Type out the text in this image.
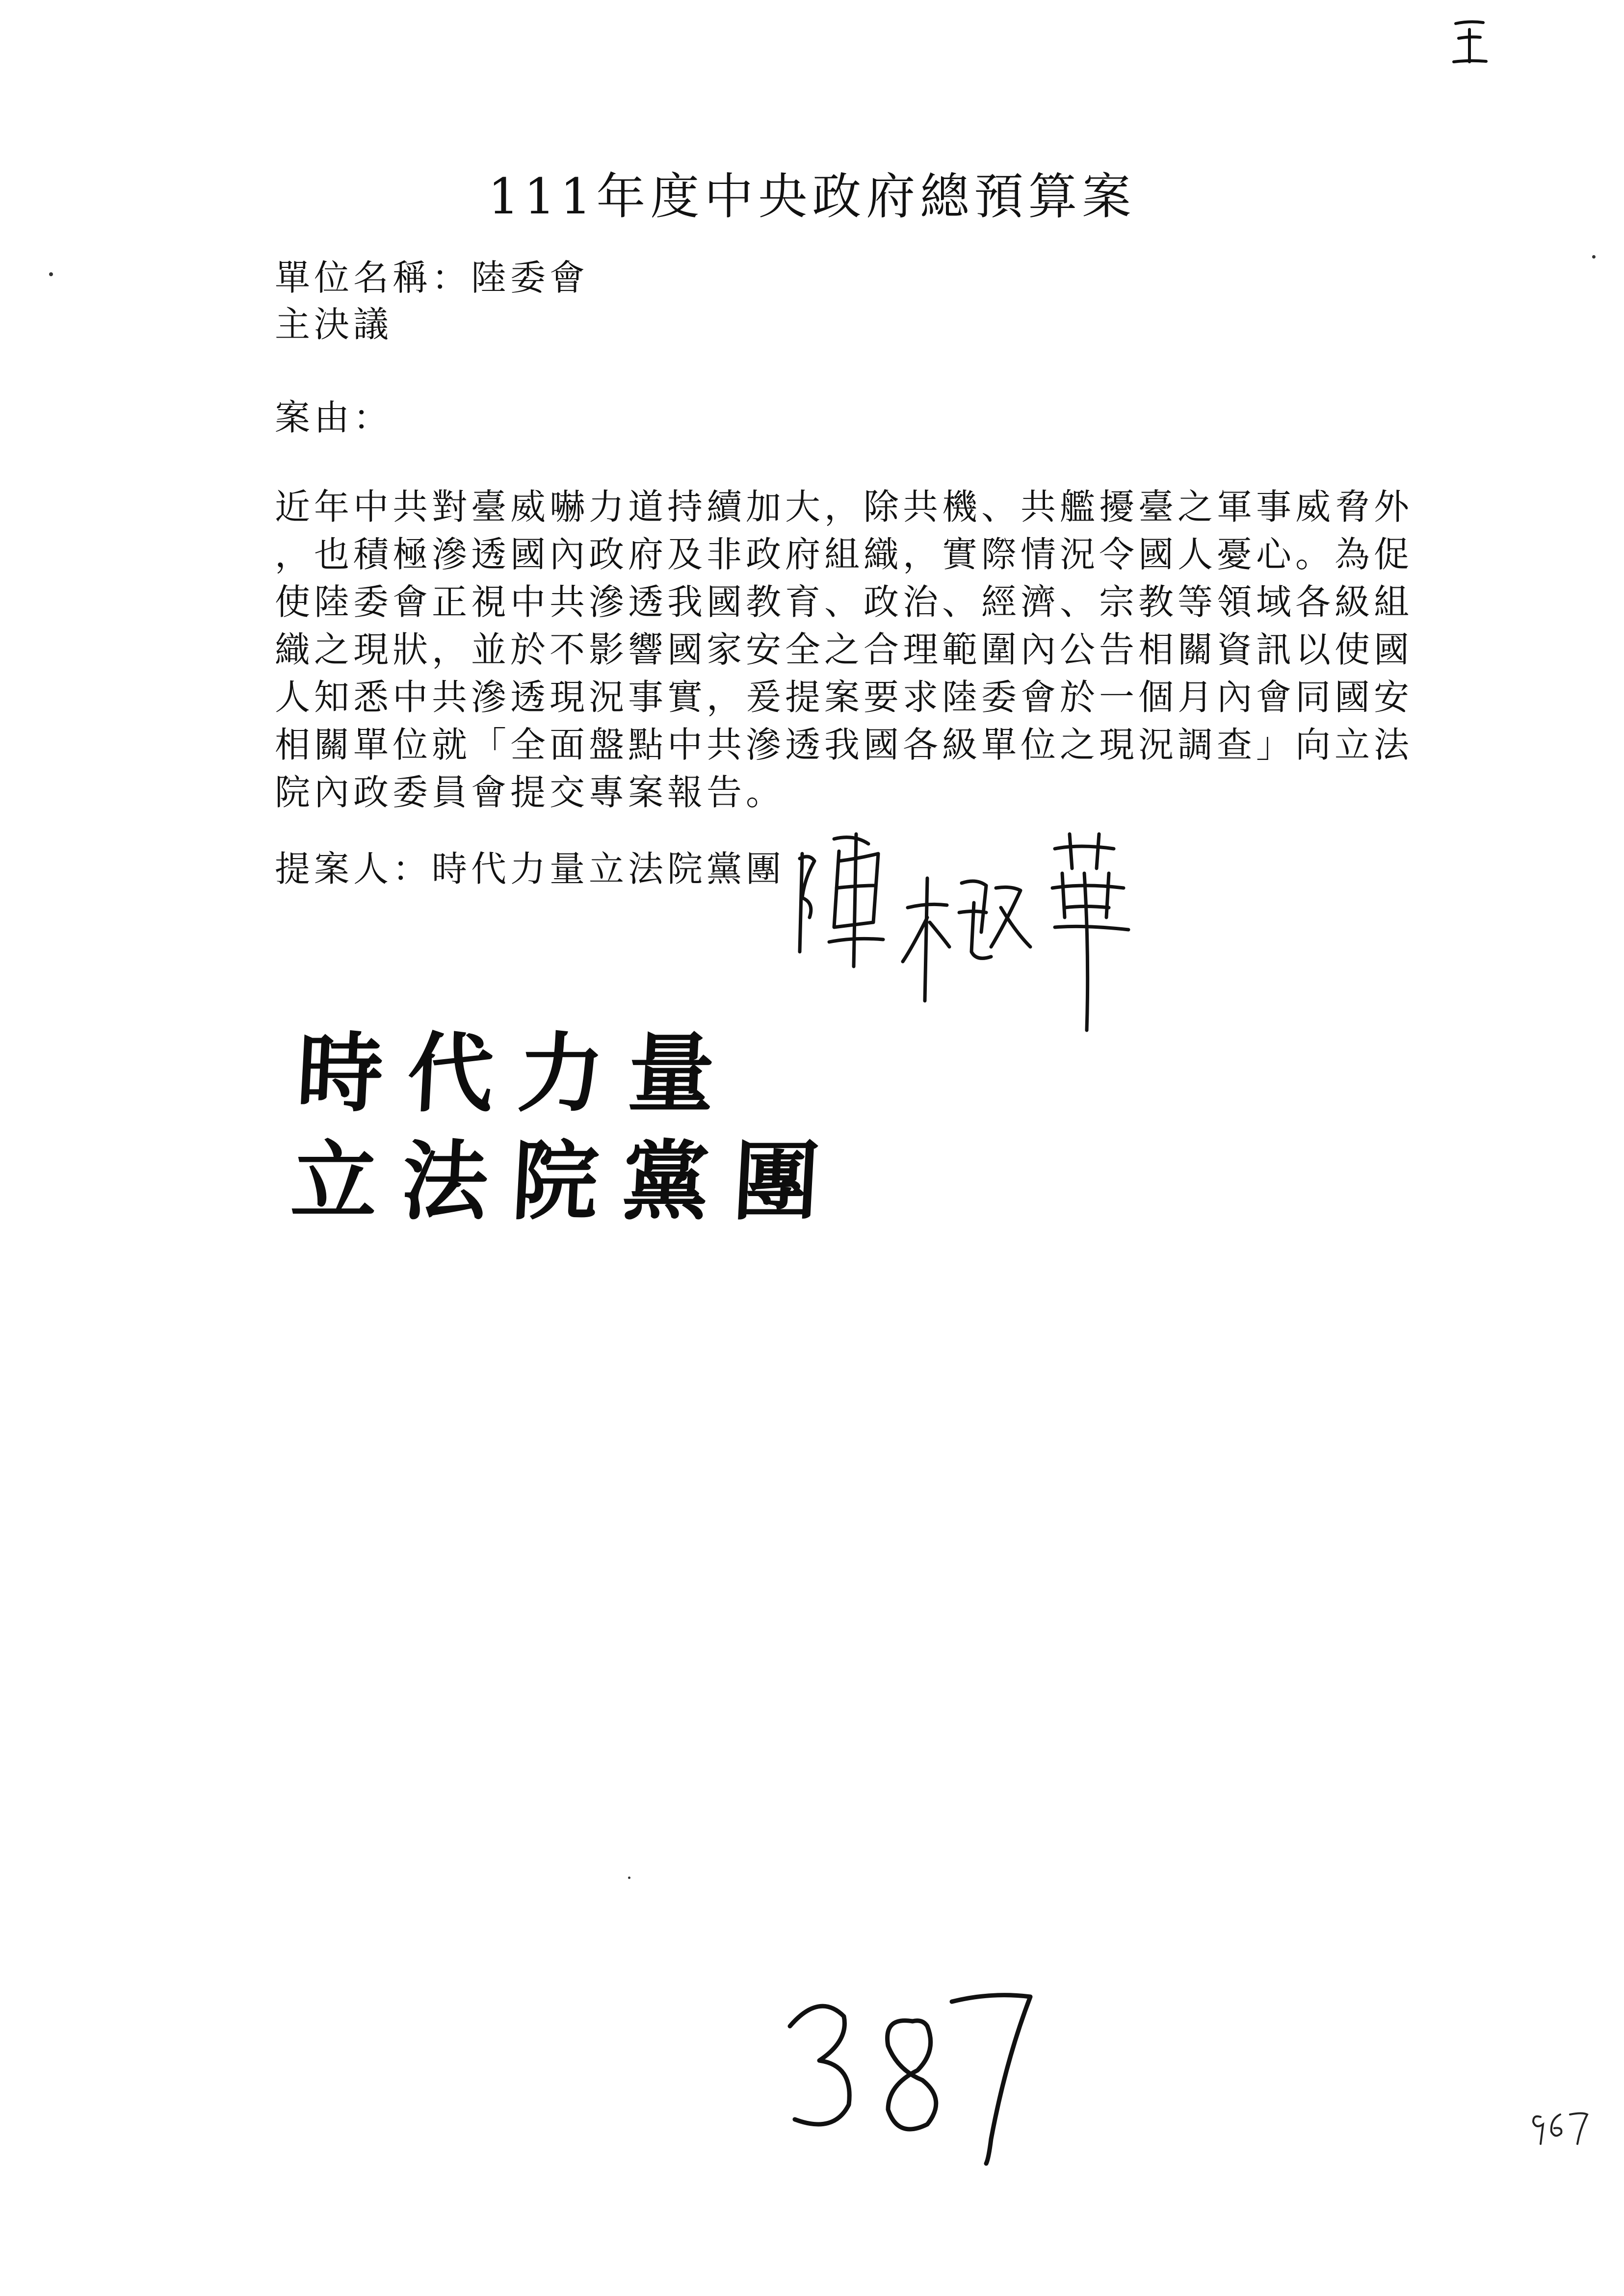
111年度中央政府總預算案
單位名稱：陸委會
主決議
案由：
近年中共對臺威嚇力道持續加大，除共機、共艦擾臺之軍事威脅外
，也積極滲透國內政府及非政府組織，實際情況令國人憂心。為促
使陸委會正視中共滲透我國教育、政治、經濟、宗教等領域各級組
織之現狀，並於不影響國家安全之合理範圍內公告相關資訊以使國
人知悉中共滲透現況事實，爰提案要求陸委會於一個月內會同國安
相關單位就「全面盤點中共滲透我國各級單位之現況調查」向立法
院內政委員會提交專案報告。
提案人：時代力量立法院黨團
時代力量
立法院黨團
